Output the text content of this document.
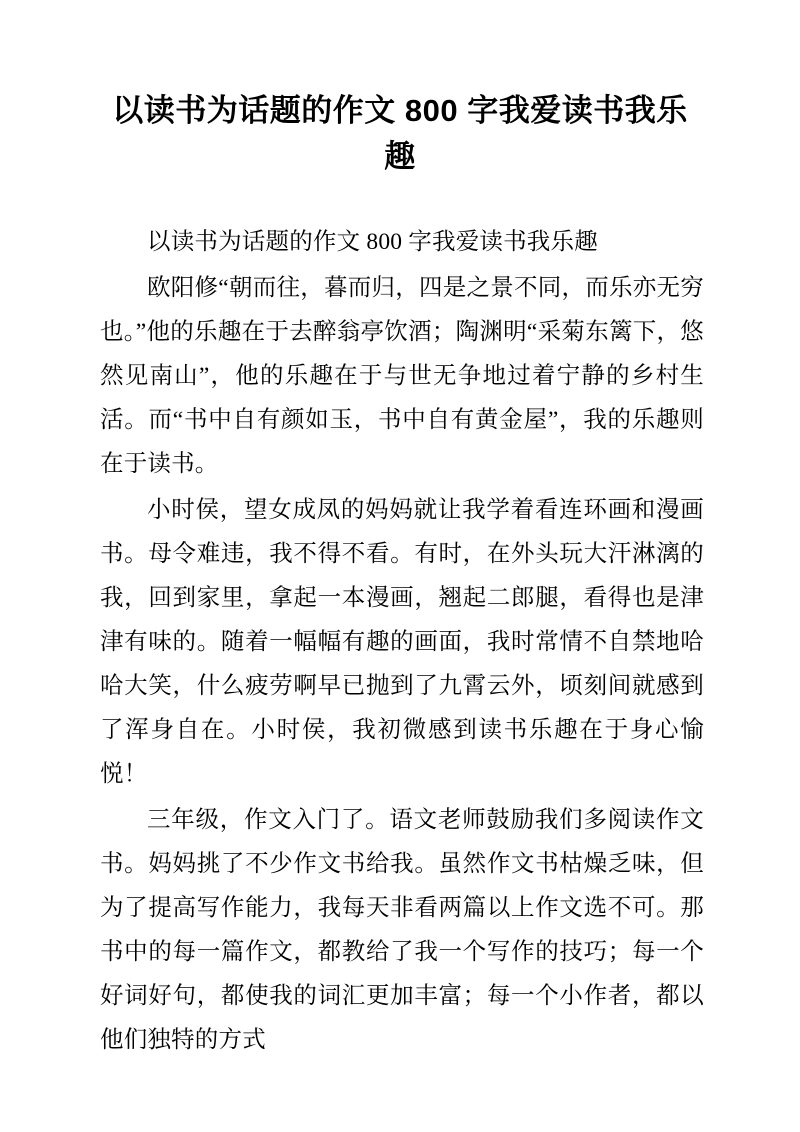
以读书为话题的作文 800 字我爱读书我乐趣

以读书为话题的作文 800 字我爱读书我乐趣

欧阳修“朝而往，暮而归，四是之景不同，而乐亦无穷也。”他的乐趣在于去醉翁亭饮酒；陶渊明“采菊东篱下，悠然见南山”，他的乐趣在于与世无争地过着宁静的乡村生活。而“书中自有颜如玉，书中自有黄金屋”，我的乐趣则在于读书。

小时侯，望女成凤的妈妈就让我学着看连环画和漫画书。母令难违，我不得不看。有时，在外头玩大汗淋漓的我，回到家里，拿起一本漫画，翘起二郎腿，看得也是津津有味的。随着一幅幅有趣的画面，我时常情不自禁地哈哈大笑，什么疲劳啊早已抛到了九霄云外，顷刻间就感到了浑身自在。小时侯，我初微感到读书乐趣在于身心愉悦！

三年级，作文入门了。语文老师鼓励我们多阅读作文书。妈妈挑了不少作文书给我。虽然作文书枯燥乏味，但为了提高写作能力，我每天非看两篇以上作文选不可。那书中的每一篇作文，都教给了我一个写作的技巧；每一个好词好句，都使我的词汇更加丰富；每一个小作者，都以他们独特的方式
